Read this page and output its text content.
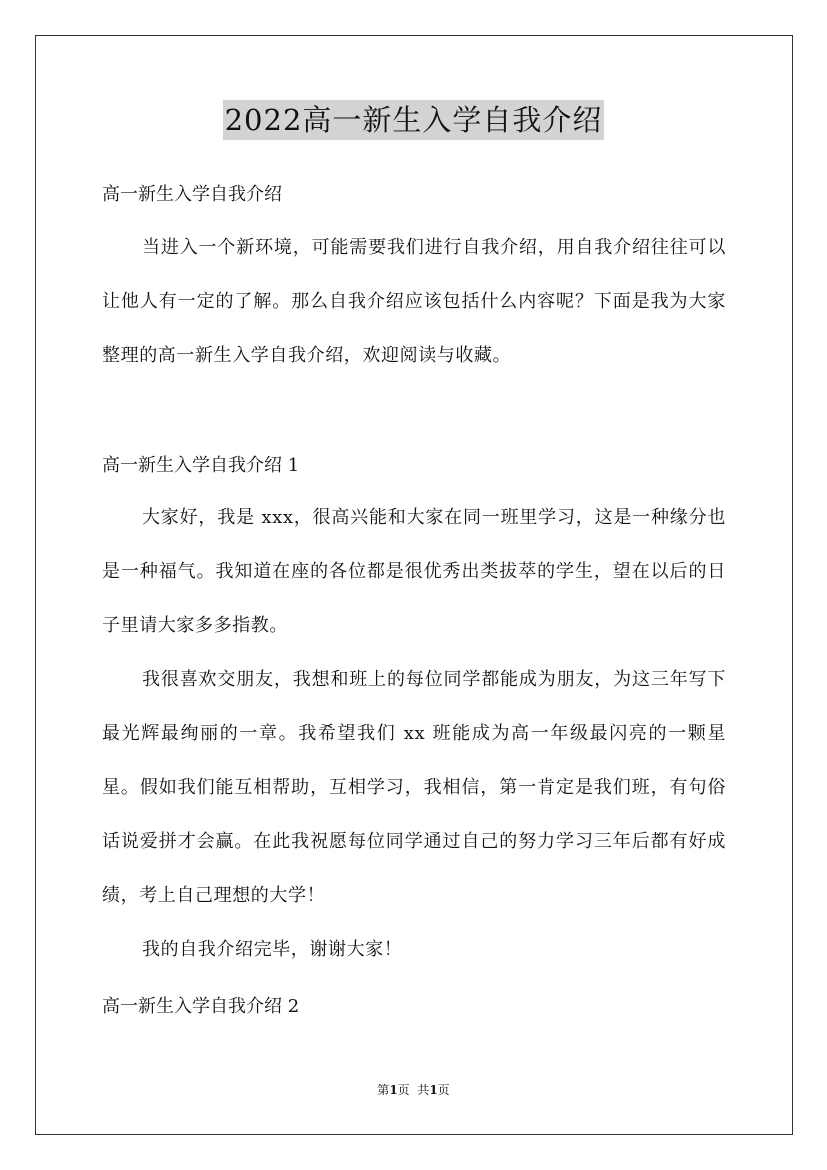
2022高一新生入学自我介绍
高一新生入学自我介绍
当进入一个新环境，可能需要我们进行自我介绍，用自我介绍往往可以让他人有一定的了解。那么自我介绍应该包括什么内容呢？下面是我为大家整理的高一新生入学自我介绍，欢迎阅读与收藏。
高一新生入学自我介绍 1
大家好，我是 xxx，很高兴能和大家在同一班里学习，这是一种缘分也是一种福气。我知道在座的各位都是很优秀出类拔萃的学生，望在以后的日子里请大家多多指教。
我很喜欢交朋友，我想和班上的每位同学都能成为朋友，为这三年写下最光辉最绚丽的一章。我希望我们 xx 班能成为高一年级最闪亮的一颗星星。假如我们能互相帮助，互相学习，我相信，第一肯定是我们班，有句俗话说爱拼才会赢。在此我祝愿每位同学通过自己的努力学习三年后都有好成绩，考上自己理想的大学！
我的自我介绍完毕，谢谢大家！
高一新生入学自我介绍 2
第1页  共1页
